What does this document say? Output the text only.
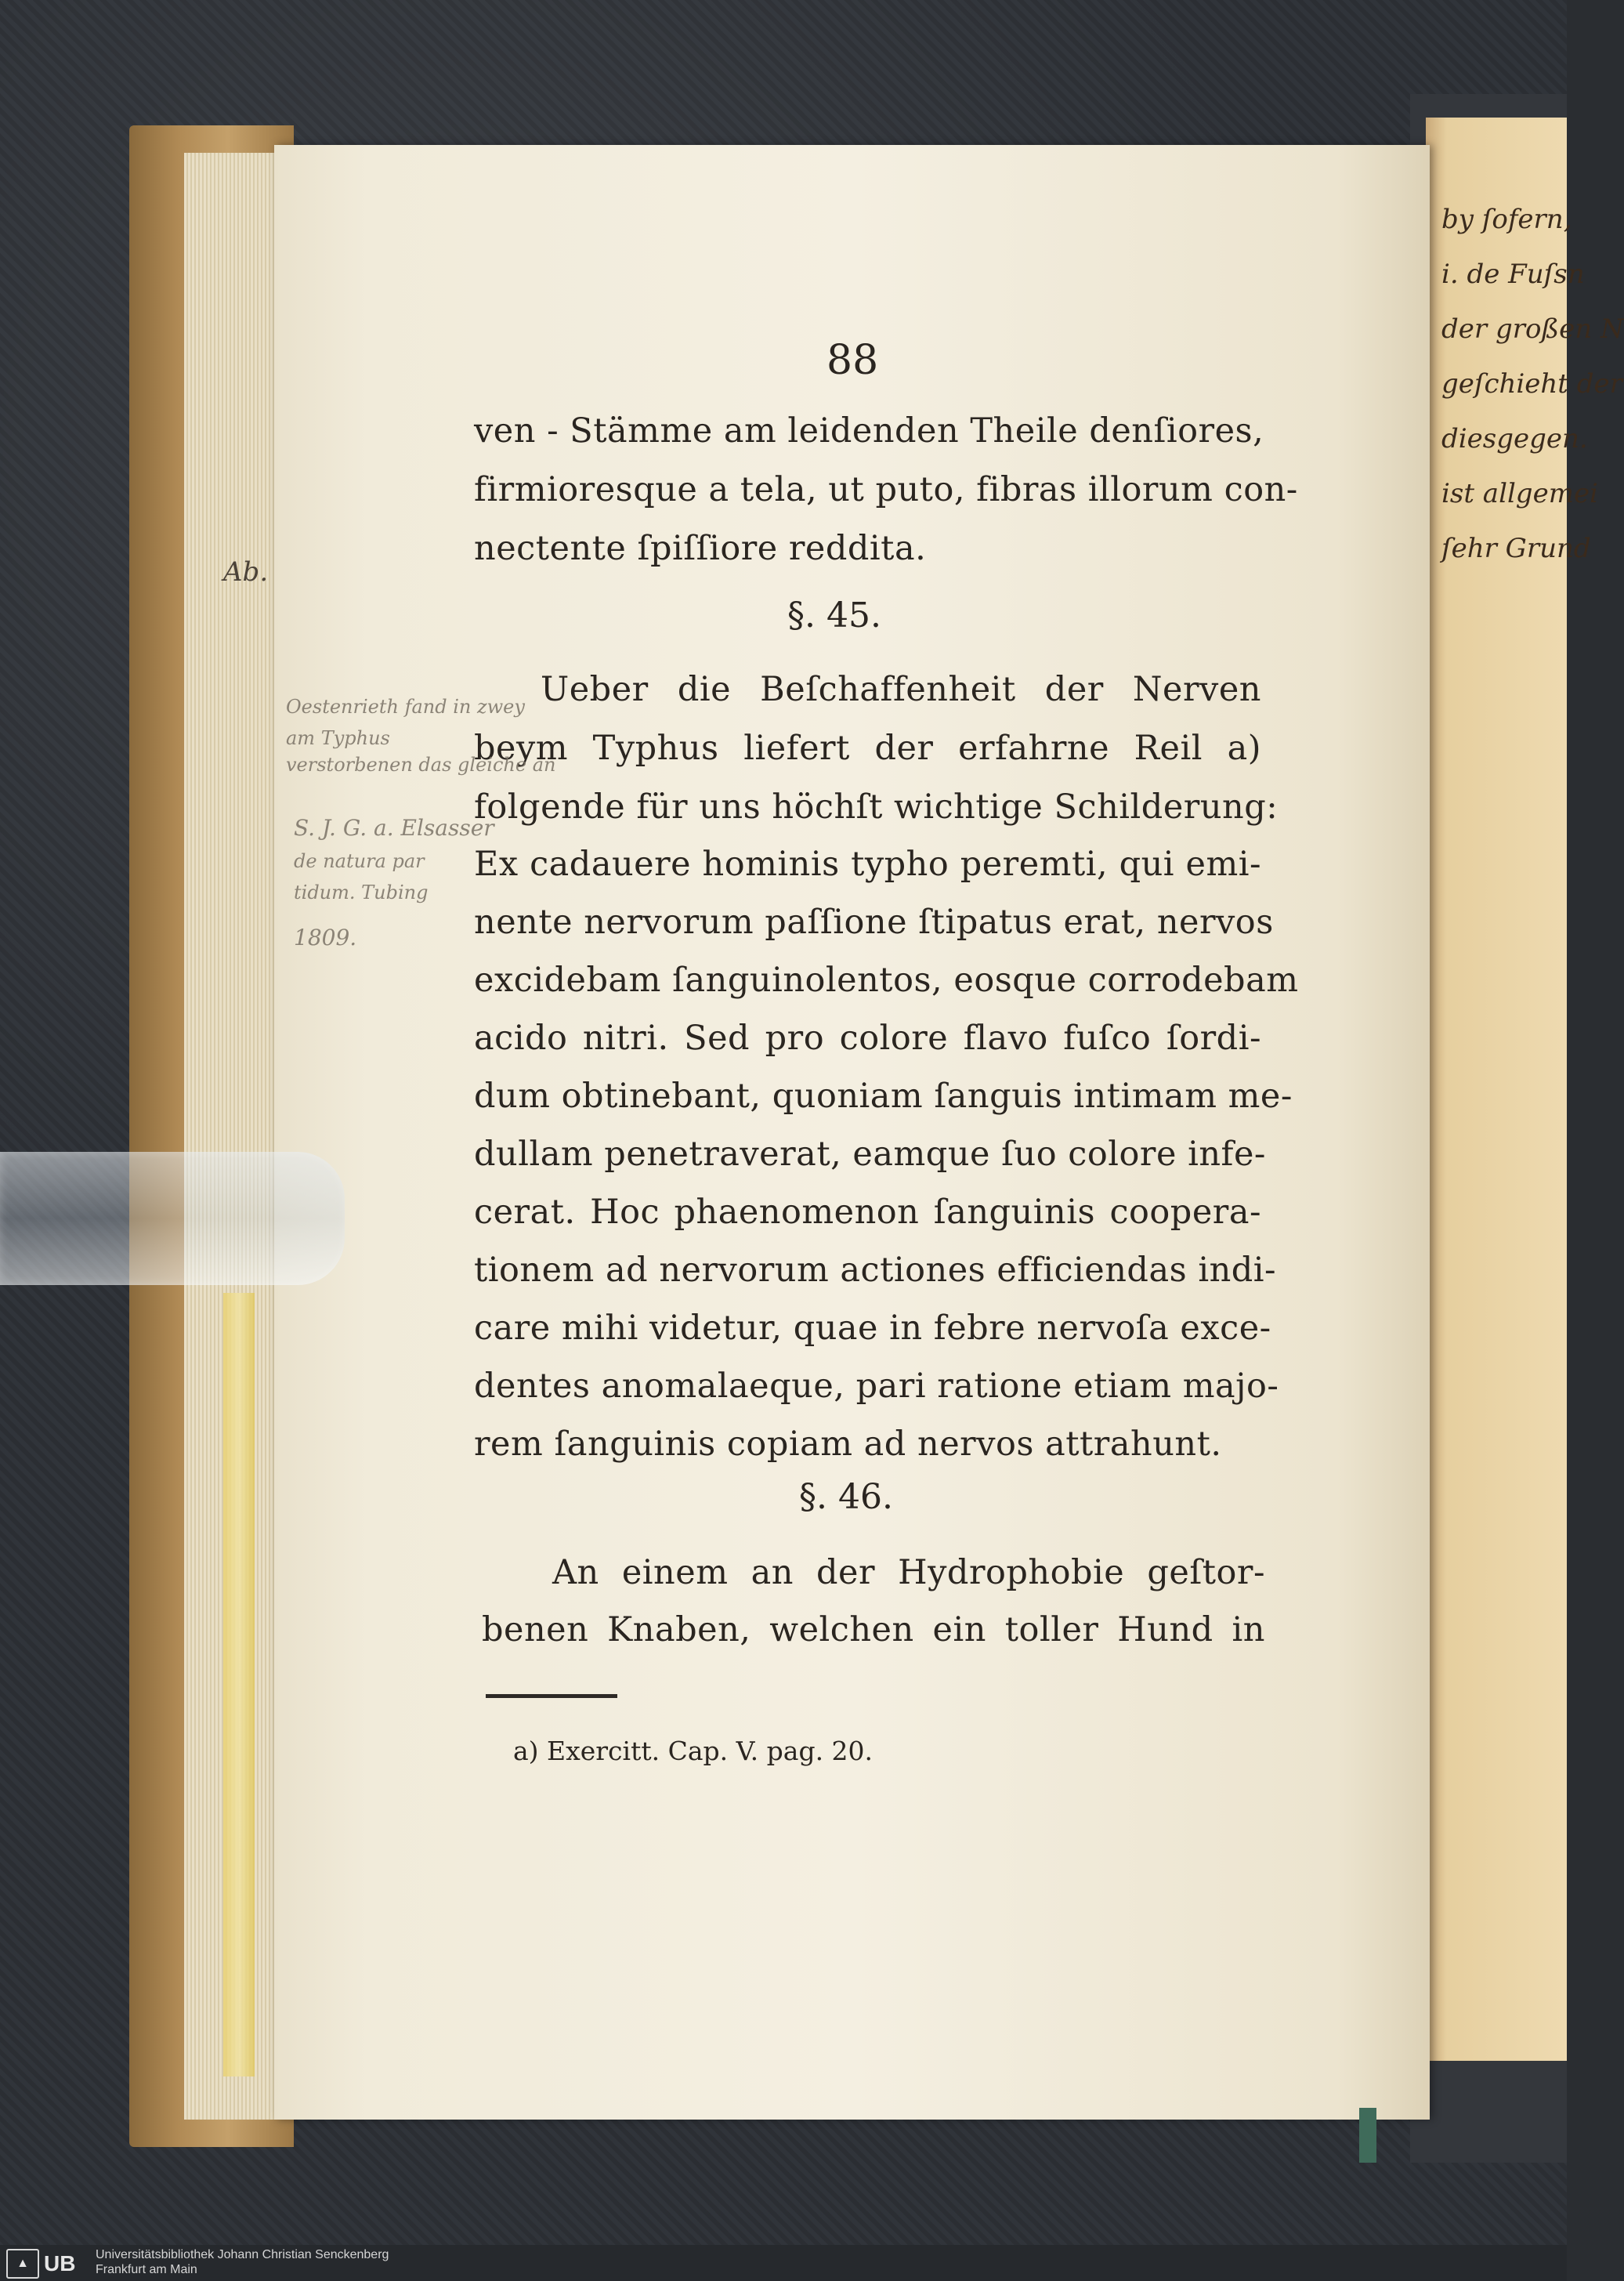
by ſofern,
i. de Fuſsn
der großen N
geſchieht der
diesgegen.
ist allgemei
ſehr Grund
88
ven - Stämme am leidenden Theile denſiores,
firmioresque a tela, ut puto, fibras illorum con-
nectente ſpiſſiore reddita.
§. 45.
Ueber die Beſchaffenheit der Nerven
beym Typhus liefert der erfahrne Reil a)
folgende für uns höchſt wichtige Schilderung:
Ex cadauere hominis typho peremti, qui emi-
nente nervorum paſſione ſtipatus erat, nervos
excidebam ſanguinolentos, eosque corrodebam
acido nitri. Sed pro colore flavo fuſco ſordi-
dum obtinebant, quoniam ſanguis intimam me-
dullam penetraverat, eamque ſuo colore infe-
cerat. Hoc phaenomenon ſanguinis coopera-
tionem ad nervorum actiones efficiendas indi-
care mihi videtur, quae in febre nervoſa exce-
dentes anomalaeque, pari ratione etiam majo-
rem ſanguinis copiam ad nervos attrahunt.
§. 46.
An einem an der Hydrophobie geſtor-
benen Knaben, welchen ein toller Hund in
a) Exercitt. Cap. V. pag. 20.
Ab.
Oestenrieth fand in zwey
am Typhus
verstorbenen das gleiche an
S. J. G. a. Elsasser
de natura par
tidum. Tubing
1809.
▲ UB Universitätsbibliothek Johann Christian Senckenberg
Frankfurt am Main
